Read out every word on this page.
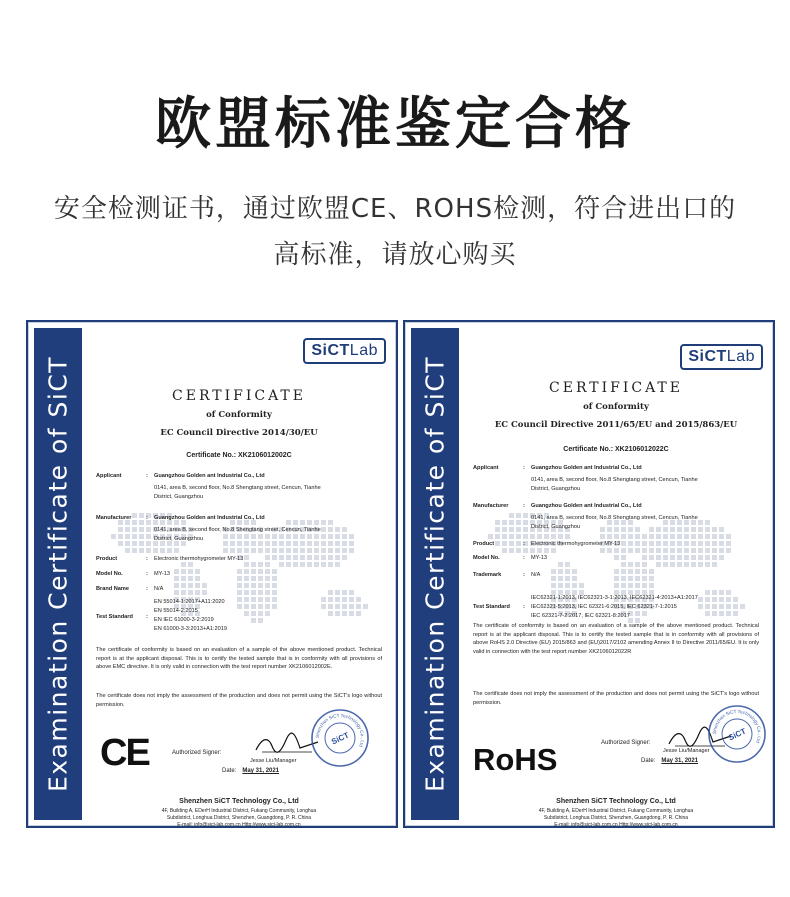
欧盟标准鉴定合格
安全检测证书，通过欧盟CE、ROHS检测，符合进出口的
高标准，请放心购买
Examination Certificate of SiCT
SiCTLab
CERTIFICATE
of Conformity
EC Council Directive 2014/30/EU
Certificate No.: XK2106012002C
Applicant	: Guangzhou Golden ant Industrial Co., Ltd
0141, area B, second floor, No.8 Shengtang street, Cencun, Tianhe
District, Guangzhou
Manufacturer	: Guangzhou Golden ant Industrial Co., Ltd
0141, area B, second floor, No.8 Shengtang street, Cencun, Tianhe
District, Guangzhou
Product	: Electronic thermohygrometer MY-13
Model No.	: MY-13
Brand Name	: N/A
Test Standard	:
EN 55014-1:2017+A11:2020
EN 55014-2:2015
EN IEC 61000-3-2:2019
EN 61000-3-3:2013+A1:2019
The certificate of conformity is based on an evaluation of a sample of the above mentioned product. Technical report is at the applicant disposal. This is to certify the tested sample that is in conformity with all provisions of above EMC directive. It is only valid in connection with the test report number XK2106012002E.
The certificate does not imply the assessment of the production and does not permit using the SiCT's logo without permission.
CE	Authorized Signer:
Jesse Liu/Manager
Date: May 31, 2021
Shenzhen SiCT Technology Co., Ltd
SiCT
Shenzhen SiCT Technology Co., Ltd
4F, Building A, EDerH Industrial District, Fukang Community, Longhua
Subdistrict, Longhua District, Shenzhen, Guangdong, P. R. China
E-mail: info@sict-lab.com.cn Http://www.sict-lab.com.cn
Examination Certificate of SiCT	SiCTLab
CERTIFICATE
of Conformity
EC Council Directive 2011/65/EU and 2015/863/EU
Certificate No.: XK2106012022C
Applicant	: Guangzhou Golden ant Industrial Co., Ltd
0141, area B, second floor, No.8 Shengtang street, Cencun, Tianhe
District, Guangzhou
Manufacturer	: Guangzhou Golden ant Industrial Co., Ltd
0141, area B, second floor, No.8 Shengtang street, Cencun, Tianhe
District, Guangzhou
Product	: Electronic thermohygrometer MY-13
Model No.	: MY-13
Trademark	: N/A
Test Standard	:
IEC62321-1:2013, IEC62321-3-1:2013, IEC62321-4:2013+A1:2017
IEC62321-5:2013, IEC 62321-6:2015, IEC 62321-7-1:2015
IEC 62321-7-2:2017, IEC 62321-8:2017
The certificate of conformity is based on an evaluation of a sample of the above mentioned product. Technical report is at the applicant disposal. This is to certify the tested sample that is in conformity with all provisions of above RoHS 2.0 Directive (EU) 2015/863 and (EU)2017/2102 amending Annex II to Directive 2011/65/EU. It is only valid in connection with the test report number XK2106012022R
The certificate does not imply the assessment of the production and does not permit using the SiCT's logo without permission.
RoHS	Authorized Signer:
Jesse Liu/Manager
Date: May 31, 2021
Shenzhen SiCT Technology Co., Ltd
SiCT
Shenzhen SiCT Technology Co., Ltd
4F, Building A, EDerH Industrial District, Fukang Community, Longhua
Subdistrict, Longhua District, Shenzhen, Guangdong, P. R. China
E-mail: info@sict-lab.com.cn Http://www.sict-lab.com.cn
